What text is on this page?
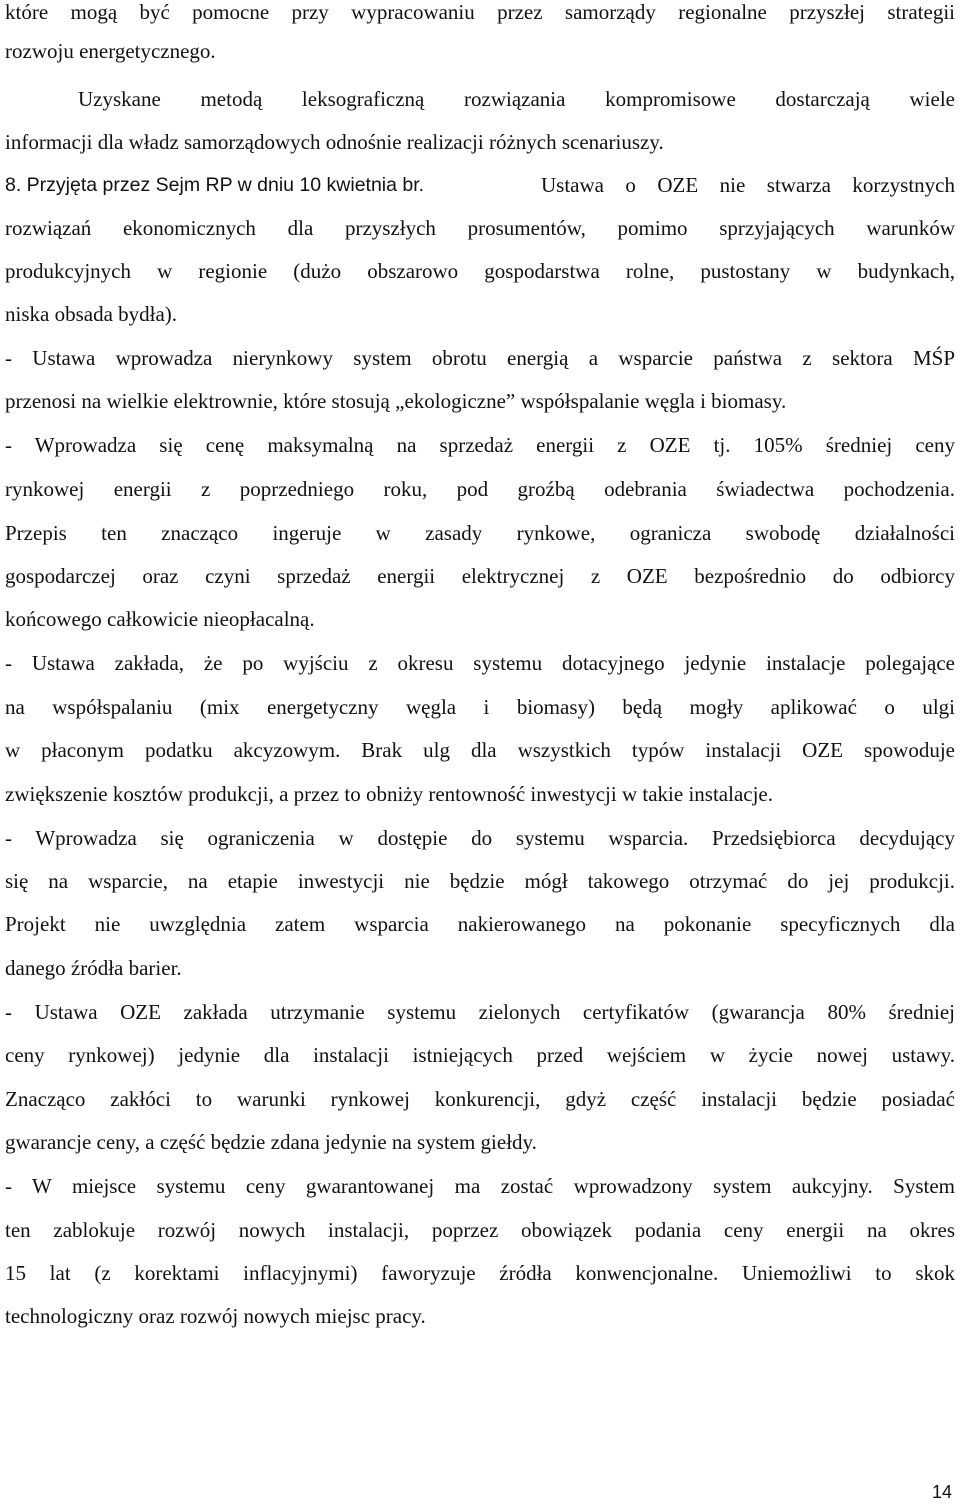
które mogą być pomocne przy wypracowaniu przez samorządy regionalne przyszłej strategii
rozwoju energetycznego.
Uzyskane metodą leksograficzną rozwiązania kompromisowe dostarczają wiele
informacji dla władz samorządowych odnośnie realizacji różnych scenariuszy.
8. Przyjęta przez Sejm RP w dniu 10 kwietnia br.	Ustawa o OZE nie stwarza korzystnych
rozwiązań ekonomicznych dla przyszłych prosumentów, pomimo sprzyjających warunków
produkcyjnych w regionie (dużo obszarowo gospodarstwa rolne, pustostany w budynkach,
niska obsada bydła).
- Ustawa wprowadza nierynkowy system obrotu energią a wsparcie państwa z sektora MŚP
przenosi na wielkie elektrownie, które stosują „ekologiczne” współspalanie węgla i biomasy.
- Wprowadza się cenę maksymalną na sprzedaż energii z OZE tj. 105% średniej ceny
rynkowej energii z poprzedniego roku, pod groźbą odebrania świadectwa pochodzenia.
Przepis ten znacząco ingeruje w zasady rynkowe, ogranicza swobodę działalności
gospodarczej oraz czyni sprzedaż energii elektrycznej z OZE bezpośrednio do odbiorcy
końcowego całkowicie nieopłacalną.
- Ustawa zakłada, że po wyjściu z okresu systemu dotacyjnego jedynie instalacje polegające
na współspalaniu (mix energetyczny węgla i biomasy) będą mogły aplikować o ulgi
w płaconym podatku akcyzowym. Brak ulg dla wszystkich typów instalacji OZE spowoduje
zwiększenie kosztów produkcji, a przez to obniży rentowność inwestycji w takie instalacje.
- Wprowadza się ograniczenia w dostępie do systemu wsparcia. Przedsiębiorca decydujący
się na wsparcie, na etapie inwestycji nie będzie mógł takowego otrzymać do jej produkcji.
Projekt nie uwzględnia zatem wsparcia nakierowanego na pokonanie specyficznych dla
danego źródła barier.
- Ustawa OZE zakłada utrzymanie systemu zielonych certyfikatów (gwarancja 80% średniej
ceny rynkowej) jedynie dla instalacji istniejących przed wejściem w życie nowej ustawy.
Znacząco zakłóci to warunki rynkowej konkurencji, gdyż część instalacji będzie posiadać
gwarancje ceny, a część będzie zdana jedynie na system giełdy.
- W miejsce systemu ceny gwarantowanej ma zostać wprowadzony system aukcyjny. System
ten zablokuje rozwój nowych instalacji, poprzez obowiązek podania ceny energii na okres
15 lat (z korektami inflacyjnymi) faworyzuje źródła konwencjonalne. Uniemożliwi to skok
technologiczny oraz rozwój nowych miejsc pracy.
14
